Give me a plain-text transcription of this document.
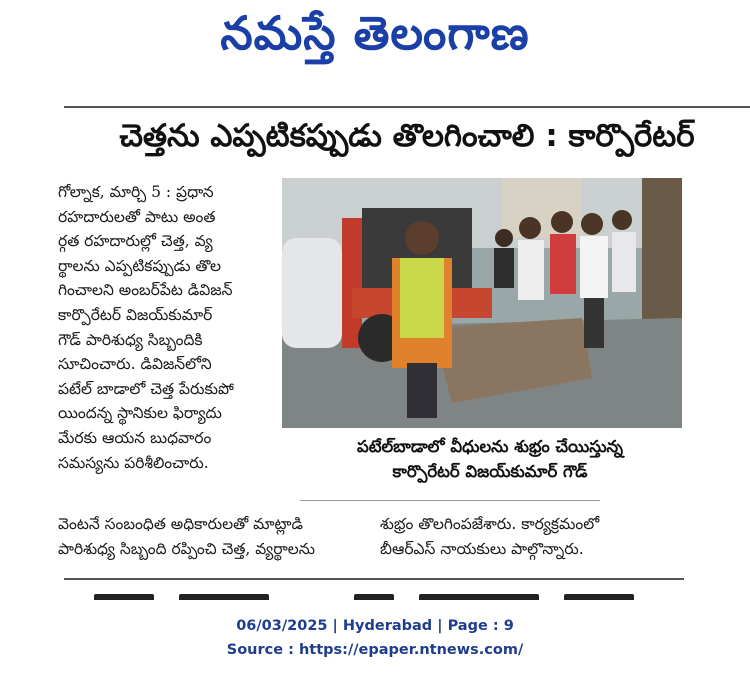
నమస్తే తెలంగాణ
చెత్తను ఎప్పటికప్పుడు తొలగించాలి : కార్పొరేటర్
గోల్నాక, మార్చి 5 : ప్రధాన
రహదారులతో పాటు అంత
ర్గత రహదారుల్లో చెత్త, వ్య
ర్థాలను ఎప్పటికప్పుడు తొల
గించాలని అంబర్‌పేట డివిజన్
కార్పొరేటర్ విజయ్‌కుమార్
గౌడ్ పారిశుధ్య సిబ్బందికి
సూచించారు. డివిజన్‌లోని
పటేల్ బాడాలో చెత్త పేరుకుపో
యిందన్న స్థానికుల ఫిర్యాదు
మేరకు ఆయన బుధవారం
సమస్యను పరిశీలించారు.
పటేల్‌బాడాలో వీధులను శుభ్రం చేయిస్తున్న
కార్పొరేటర్ విజయ్‌కుమార్ గౌడ్
వెంటనే సంబంధిత అధికారులతో మాట్లాడి
పారిశుధ్య సిబ్బంది రప్పించి చెత్త, వ్యర్థాలను
శుభ్రం తొలగింపజేశారు. కార్యక్రమంలో
బీఆర్ఎస్ నాయకులు పాల్గొన్నారు.

06/03/2025 | Hyderabad | Page : 9
Source : https://epaper.ntnews.com/
